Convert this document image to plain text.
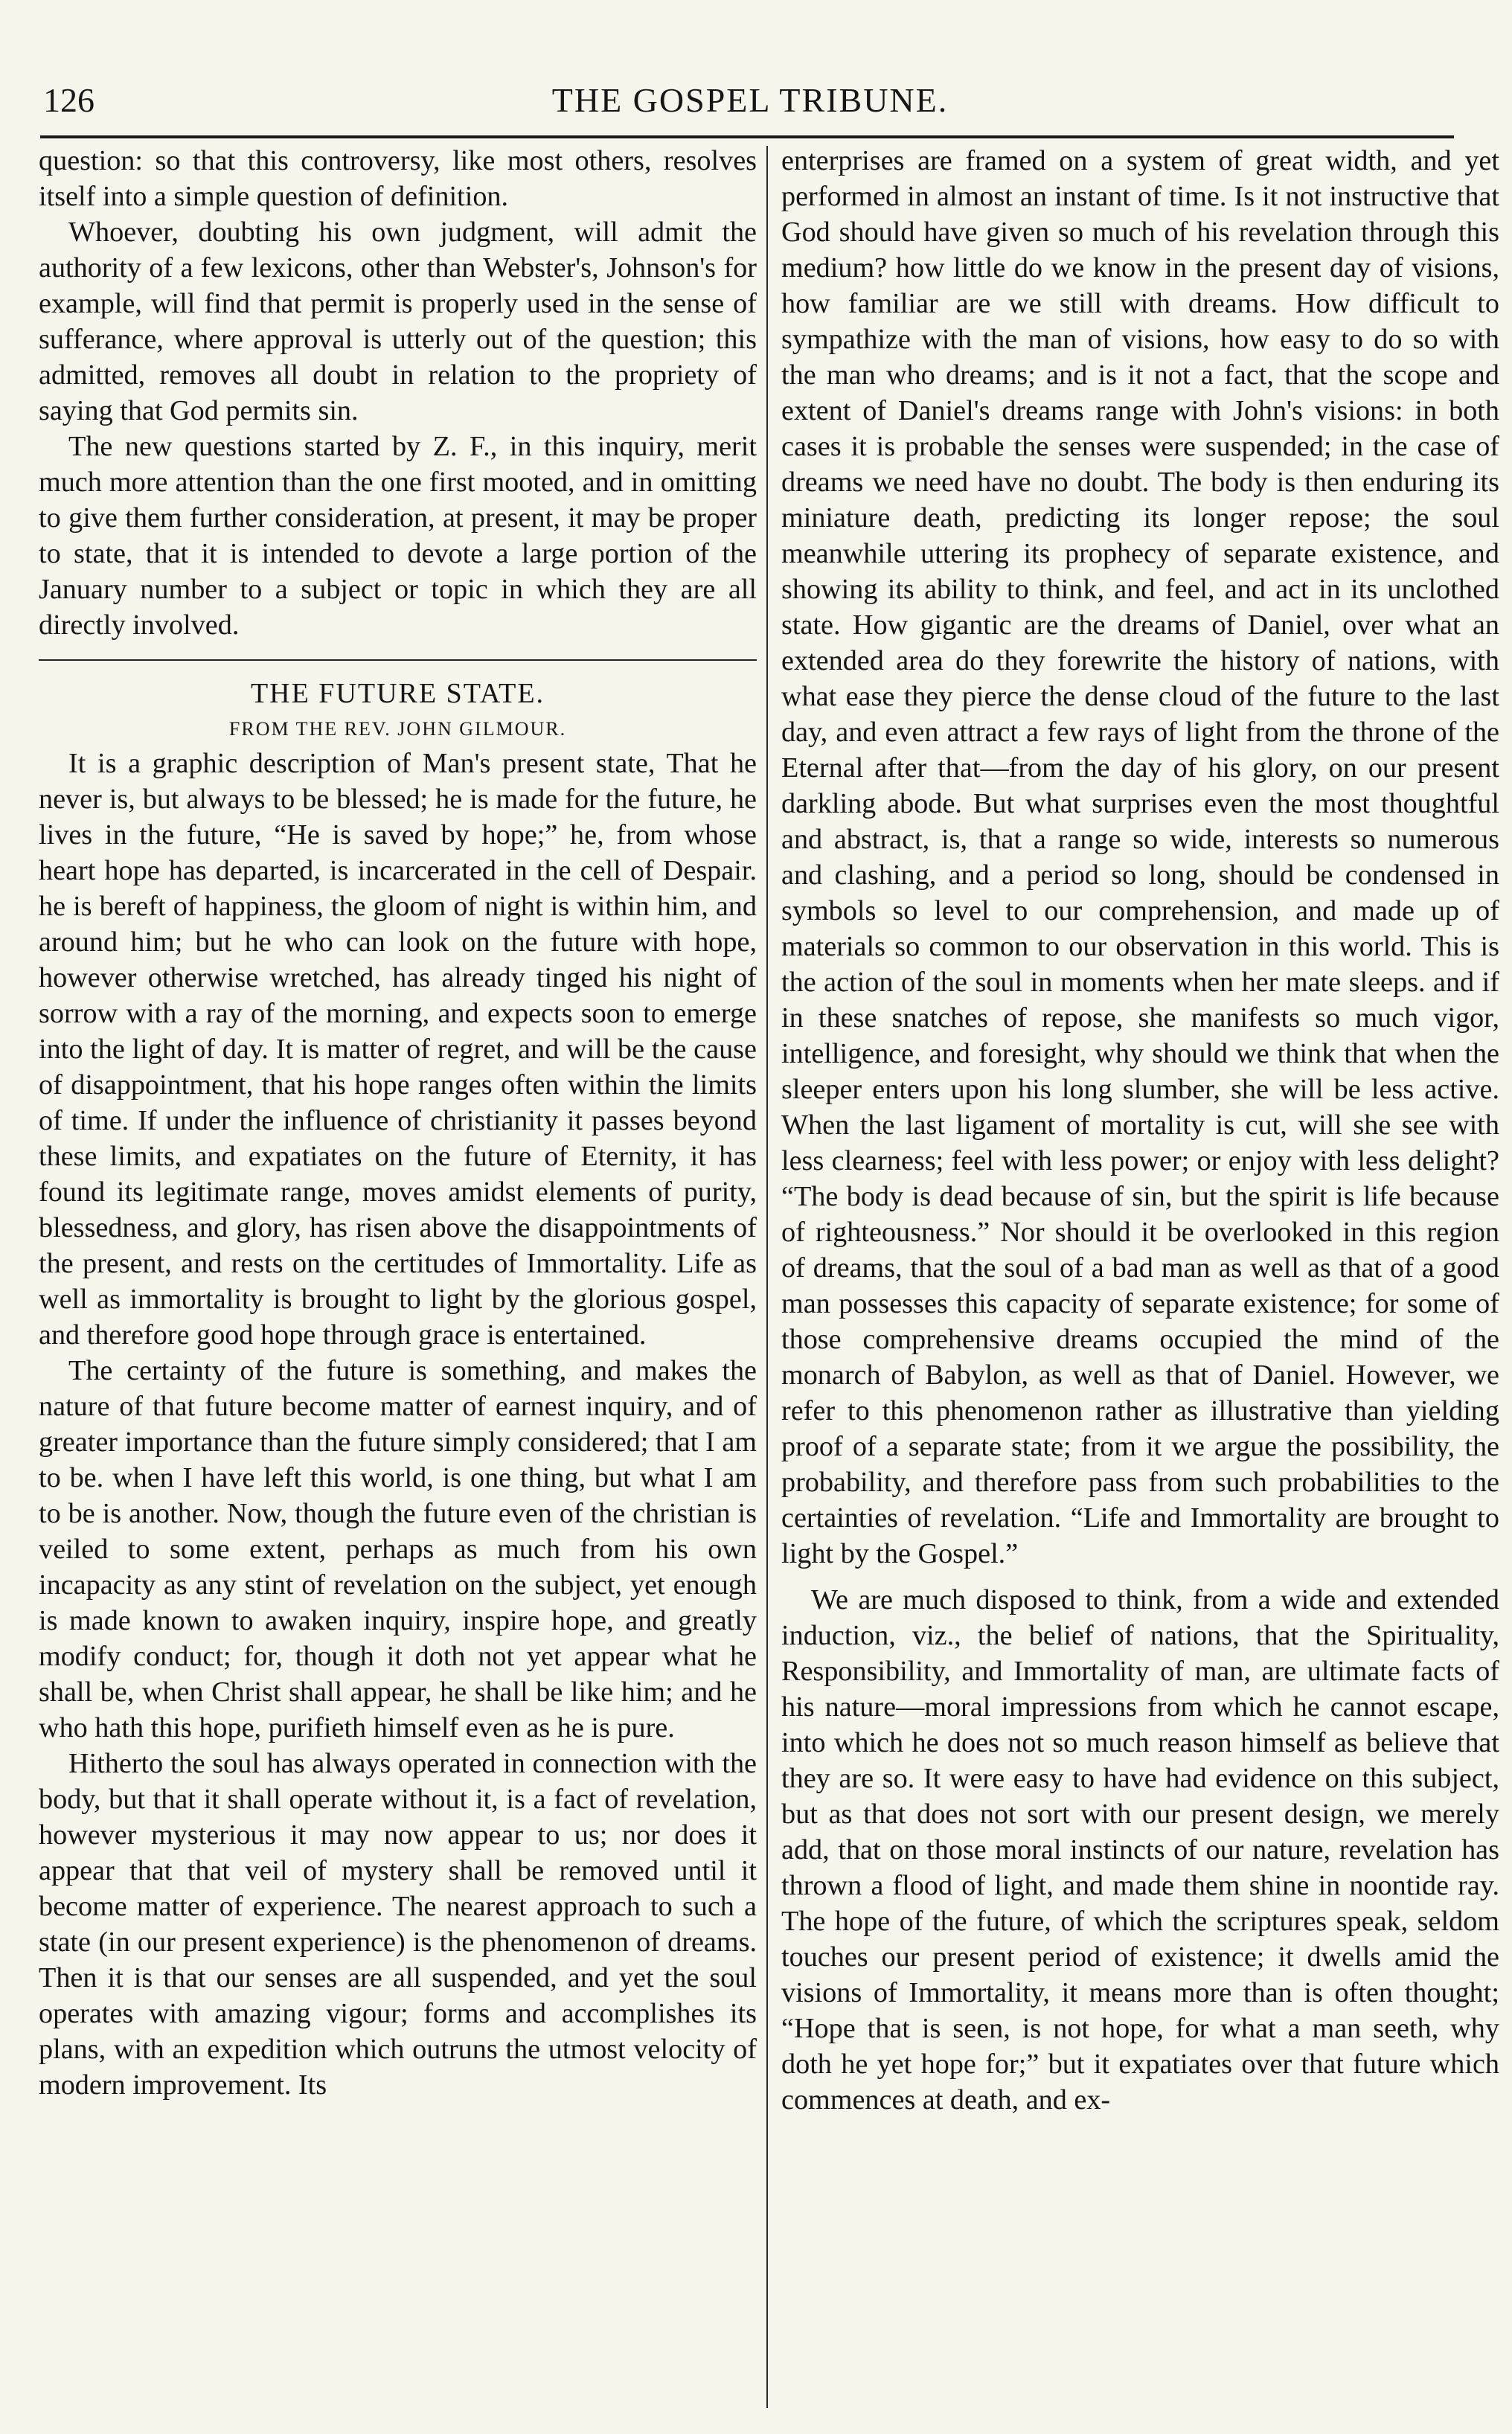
126	THE GOSPEL TRIBUNE.

question: so that this controversy, like most others, resolves itself into a simple question of definition.

Whoever, doubting his own judgment, will admit the authority of a few lexicons, other than Webster's, Johnson's for example, will find that permit is properly used in the sense of sufferance, where approval is utterly out of the question; this admitted, removes all doubt in relation to the propriety of saying that God permits sin.

The new questions started by Z. F., in this inquiry, merit much more attention than the one first mooted, and in omitting to give them further consideration, at present, it may be proper to state, that it is intended to devote a large portion of the January number to a subject or topic in which they are all directly involved.

THE FUTURE STATE.

FROM THE REV. JOHN GILMOUR.

It is a graphic description of Man's present state, That he never is, but always to be blessed; he is made for the future, he lives in the future, “He is saved by hope;” he, from whose heart hope has departed, is incarcerated in the cell of Despair. he is bereft of happiness, the gloom of night is within him, and around him; but he who can look on the future with hope, however otherwise wretched, has already tinged his night of sorrow with a ray of the morning, and expects soon to emerge into the light of day. It is matter of regret, and will be the cause of disappointment, that his hope ranges often within the limits of time. If under the influence of christianity it passes beyond these limits, and expatiates on the future of Eternity, it has found its legitimate range, moves amidst elements of purity, blessedness, and glory, has risen above the disappointments of the present, and rests on the certitudes of Immortality. Life as well as immortality is brought to light by the glorious gospel, and therefore good hope through grace is entertained.

The certainty of the future is something, and makes the nature of that future become matter of earnest inquiry, and of greater importance than the future simply considered; that I am to be. when I have left this world, is one thing, but what I am to be is another. Now, though the future even of the christian is veiled to some extent, perhaps as much from his own incapacity as any stint of revelation on the subject, yet enough is made known to awaken inquiry, inspire hope, and greatly modify conduct; for, though it doth not yet appear what he shall be, when Christ shall appear, he shall be like him; and he who hath this hope, purifieth himself even as he is pure.

Hitherto the soul has always operated in connection with the body, but that it shall operate without it, is a fact of revelation, however mysterious it may now appear to us; nor does it appear that that veil of mystery shall be removed until it become matter of experience. The nearest approach to such a state (in our present experience) is the phenomenon of dreams. Then it is that our senses are all suspended, and yet the soul operates with amazing vigour; forms and accomplishes its plans, with an expedition which outruns the utmost velocity of modern improvement. Its

enterprises are framed on a system of great width, and yet performed in almost an instant of time. Is it not instructive that God should have given so much of his revelation through this medium? how little do we know in the present day of visions, how familiar are we still with dreams. How difficult to sympathize with the man of visions, how easy to do so with the man who dreams; and is it not a fact, that the scope and extent of Daniel's dreams range with John's visions: in both cases it is probable the senses were suspended; in the case of dreams we need have no doubt. The body is then enduring its miniature death, predicting its longer repose; the soul meanwhile uttering its prophecy of separate existence, and showing its ability to think, and feel, and act in its unclothed state. How gigantic are the dreams of Daniel, over what an extended area do they forewrite the history of nations, with what ease they pierce the dense cloud of the future to the last day, and even attract a few rays of light from the throne of the Eternal after that—from the day of his glory, on our present darkling abode. But what surprises even the most thoughtful and abstract, is, that a range so wide, interests so numerous and clashing, and a period so long, should be condensed in symbols so level to our comprehension, and made up of materials so common to our observation in this world. This is the action of the soul in moments when her mate sleeps. and if in these snatches of repose, she manifests so much vigor, intelligence, and foresight, why should we think that when the sleeper enters upon his long slumber, she will be less active. When the last ligament of mortality is cut, will she see with less clearness; feel with less power; or enjoy with less delight? “The body is dead because of sin, but the spirit is life because of righteousness.” Nor should it be overlooked in this region of dreams, that the soul of a bad man as well as that of a good man possesses this capacity of separate existence; for some of those comprehensive dreams occupied the mind of the monarch of Babylon, as well as that of Daniel. However, we refer to this phenomenon rather as illustrative than yielding proof of a separate state; from it we argue the possibility, the probability, and therefore pass from such probabilities to the certainties of revelation. “Life and Immortality are brought to light by the Gospel.”

We are much disposed to think, from a wide and extended induction, viz., the belief of nations, that the Spirituality, Responsibility, and Immortality of man, are ultimate facts of his nature—moral impressions from which he cannot escape, into which he does not so much reason himself as believe that they are so. It were easy to have had evidence on this subject, but as that does not sort with our present design, we merely add, that on those moral instincts of our nature, revelation has thrown a flood of light, and made them shine in noontide ray. The hope of the future, of which the scriptures speak, seldom touches our present period of existence; it dwells amid the visions of Immortality, it means more than is often thought; “Hope that is seen, is not hope, for what a man seeth, why doth he yet hope for;” but it expatiates over that future which commences at death, and ex-
